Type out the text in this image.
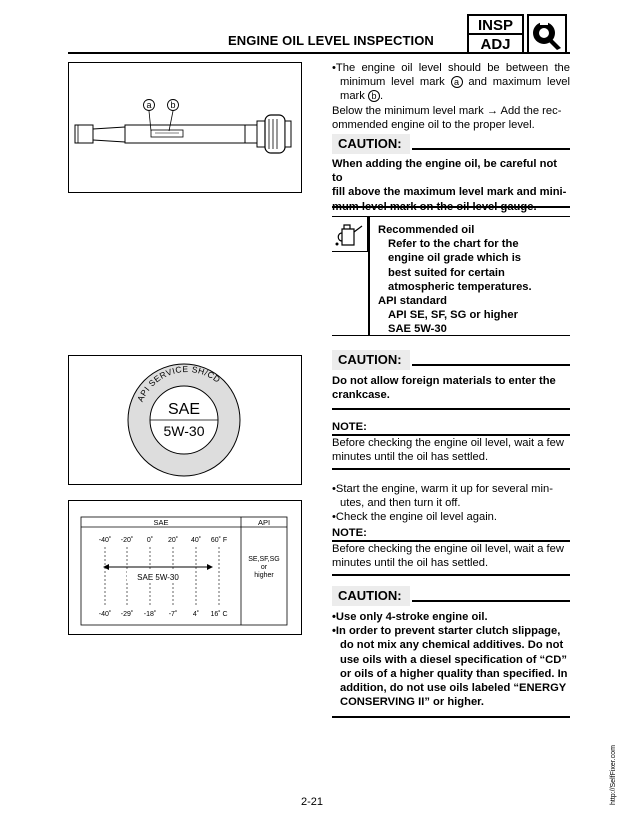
ENGINE OIL LEVEL INSPECTION
INSP
ADJ
a b
API SERVICE SH/CD
SAE
5W-30
SAE	API
-40˚ -20˚ 0˚ 20˚ 40˚ 60˚ F
SAE 5W-30
-40˚ -29˚ -18˚ -7˚ 4˚ 16˚ C
SE,SF,SG
or
higher
•The engine oil level should be between the minimum level mark a and maximum level mark b .
Below the minimum level mark → Add the rec-
ommended engine oil to the proper level.
CAUTION:
When adding the engine oil, be careful not to
fill above the maximum level mark and mini-
Recommended oil
Refer to the chart for the
engine oil grade which is
best suited for certain
atmospheric temperatures.
API standard
API SE, SF, SG or higher
SAE 5W-30
CAUTION:
Do not allow foreign materials to enter the
crankcase.
NOTE:
Before checking the engine oil level, wait a few
minutes until the oil has settled.
•Start the engine, warm it up for several min- utes, and then turn it off.
•Check the engine oil level again.
NOTE:
Before checking the engine oil level, wait a few
minutes until the oil has settled.
CAUTION:
•Use only 4-stroke engine oil.
•In order to prevent starter clutch slippage, do not mix any chemical additives. Do not use oils with a diesel specification of “CD” or oils of a higher quality than specified. In addition, do not use oils labeled “ENERGY CONSERVING II” or higher.
2-21	http://SelfFixer.com
